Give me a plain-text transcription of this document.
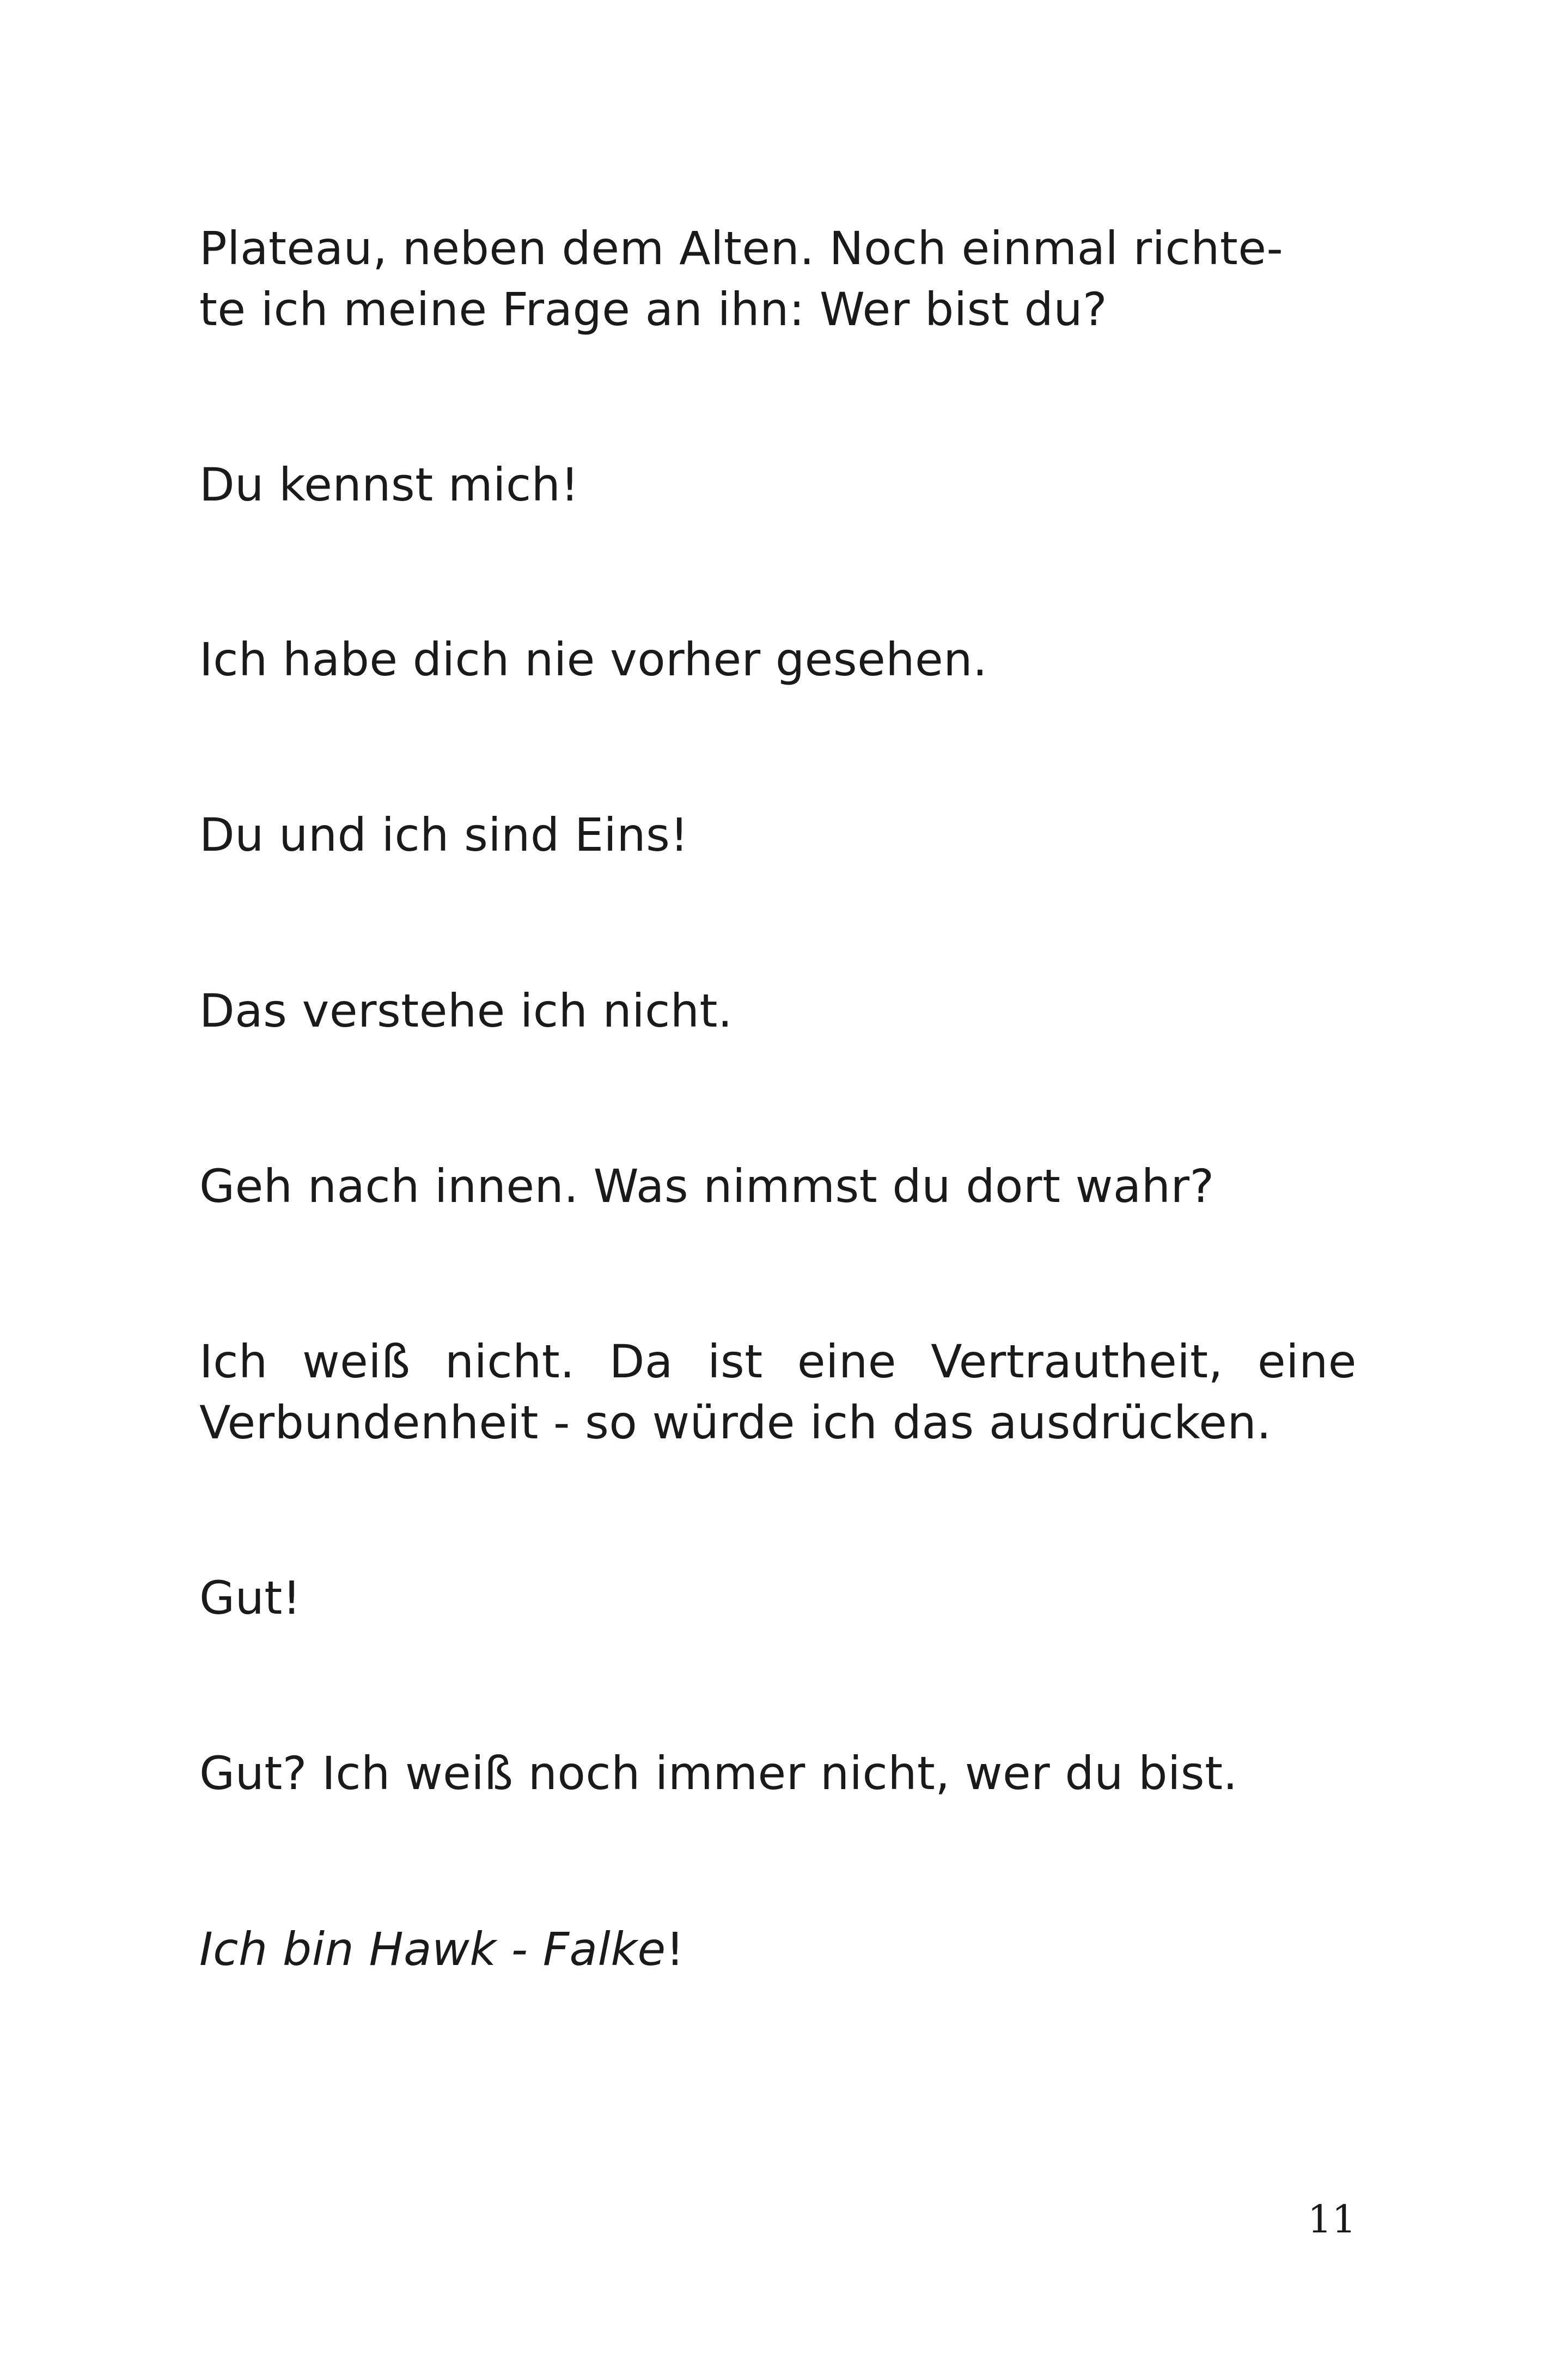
Plateau, neben dem Alten. Noch einmal richte-
te ich meine Frage an ihn: Wer bist du?

Du kennst mich!

Ich habe dich nie vorher gesehen.

Du und ich sind Eins!

Das verstehe ich nicht.

Geh nach innen. Was nimmst du dort wahr?

Ich weiß nicht. Da ist eine Vertrautheit, eine
Verbundenheit - so würde ich das ausdrücken.

Gut!

Gut? Ich weiß noch immer nicht, wer du bist.

Ich bin Hawk - Falke!

11
